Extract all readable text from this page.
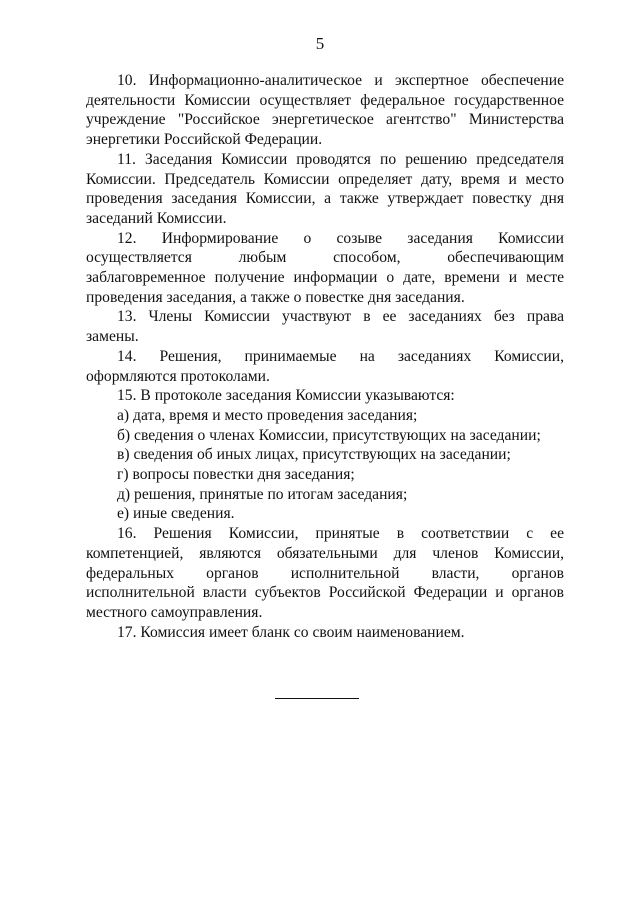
5
10. Информационно-аналитическое и экспертное обеспечение
деятельности Комиссии осуществляет федеральное государственное
учреждение "Российское энергетическое агентство" Министерства
энергетики Российской Федерации.
11. Заседания Комиссии проводятся по решению председателя
Комиссии. Председатель Комиссии определяет дату, время и место
проведения заседания Комиссии, а также утверждает повестку дня
заседаний Комиссии.
12. Информирование о созыве заседания Комиссии
осуществляется любым способом, обеспечивающим
заблаговременное получение информации о дате, времени и месте
проведения заседания, а также о повестке дня заседания.
13. Члены Комиссии участвуют в ее заседаниях без права
замены.
14. Решения, принимаемые на заседаниях Комиссии,
оформляются протоколами.
15. В протоколе заседания Комиссии указываются:
а) дата, время и место проведения заседания;
б) сведения о членах Комиссии, присутствующих на заседании;
в) сведения об иных лицах, присутствующих на заседании;
г) вопросы повестки дня заседания;
д) решения, принятые по итогам заседания;
е) иные сведения.
16. Решения Комиссии, принятые в соответствии с ее
компетенцией, являются обязательными для членов Комиссии,
федеральных органов исполнительной власти, органов
исполнительной власти субъектов Российской Федерации и органов
местного самоуправления.
17. Комиссия имеет бланк со своим наименованием.
